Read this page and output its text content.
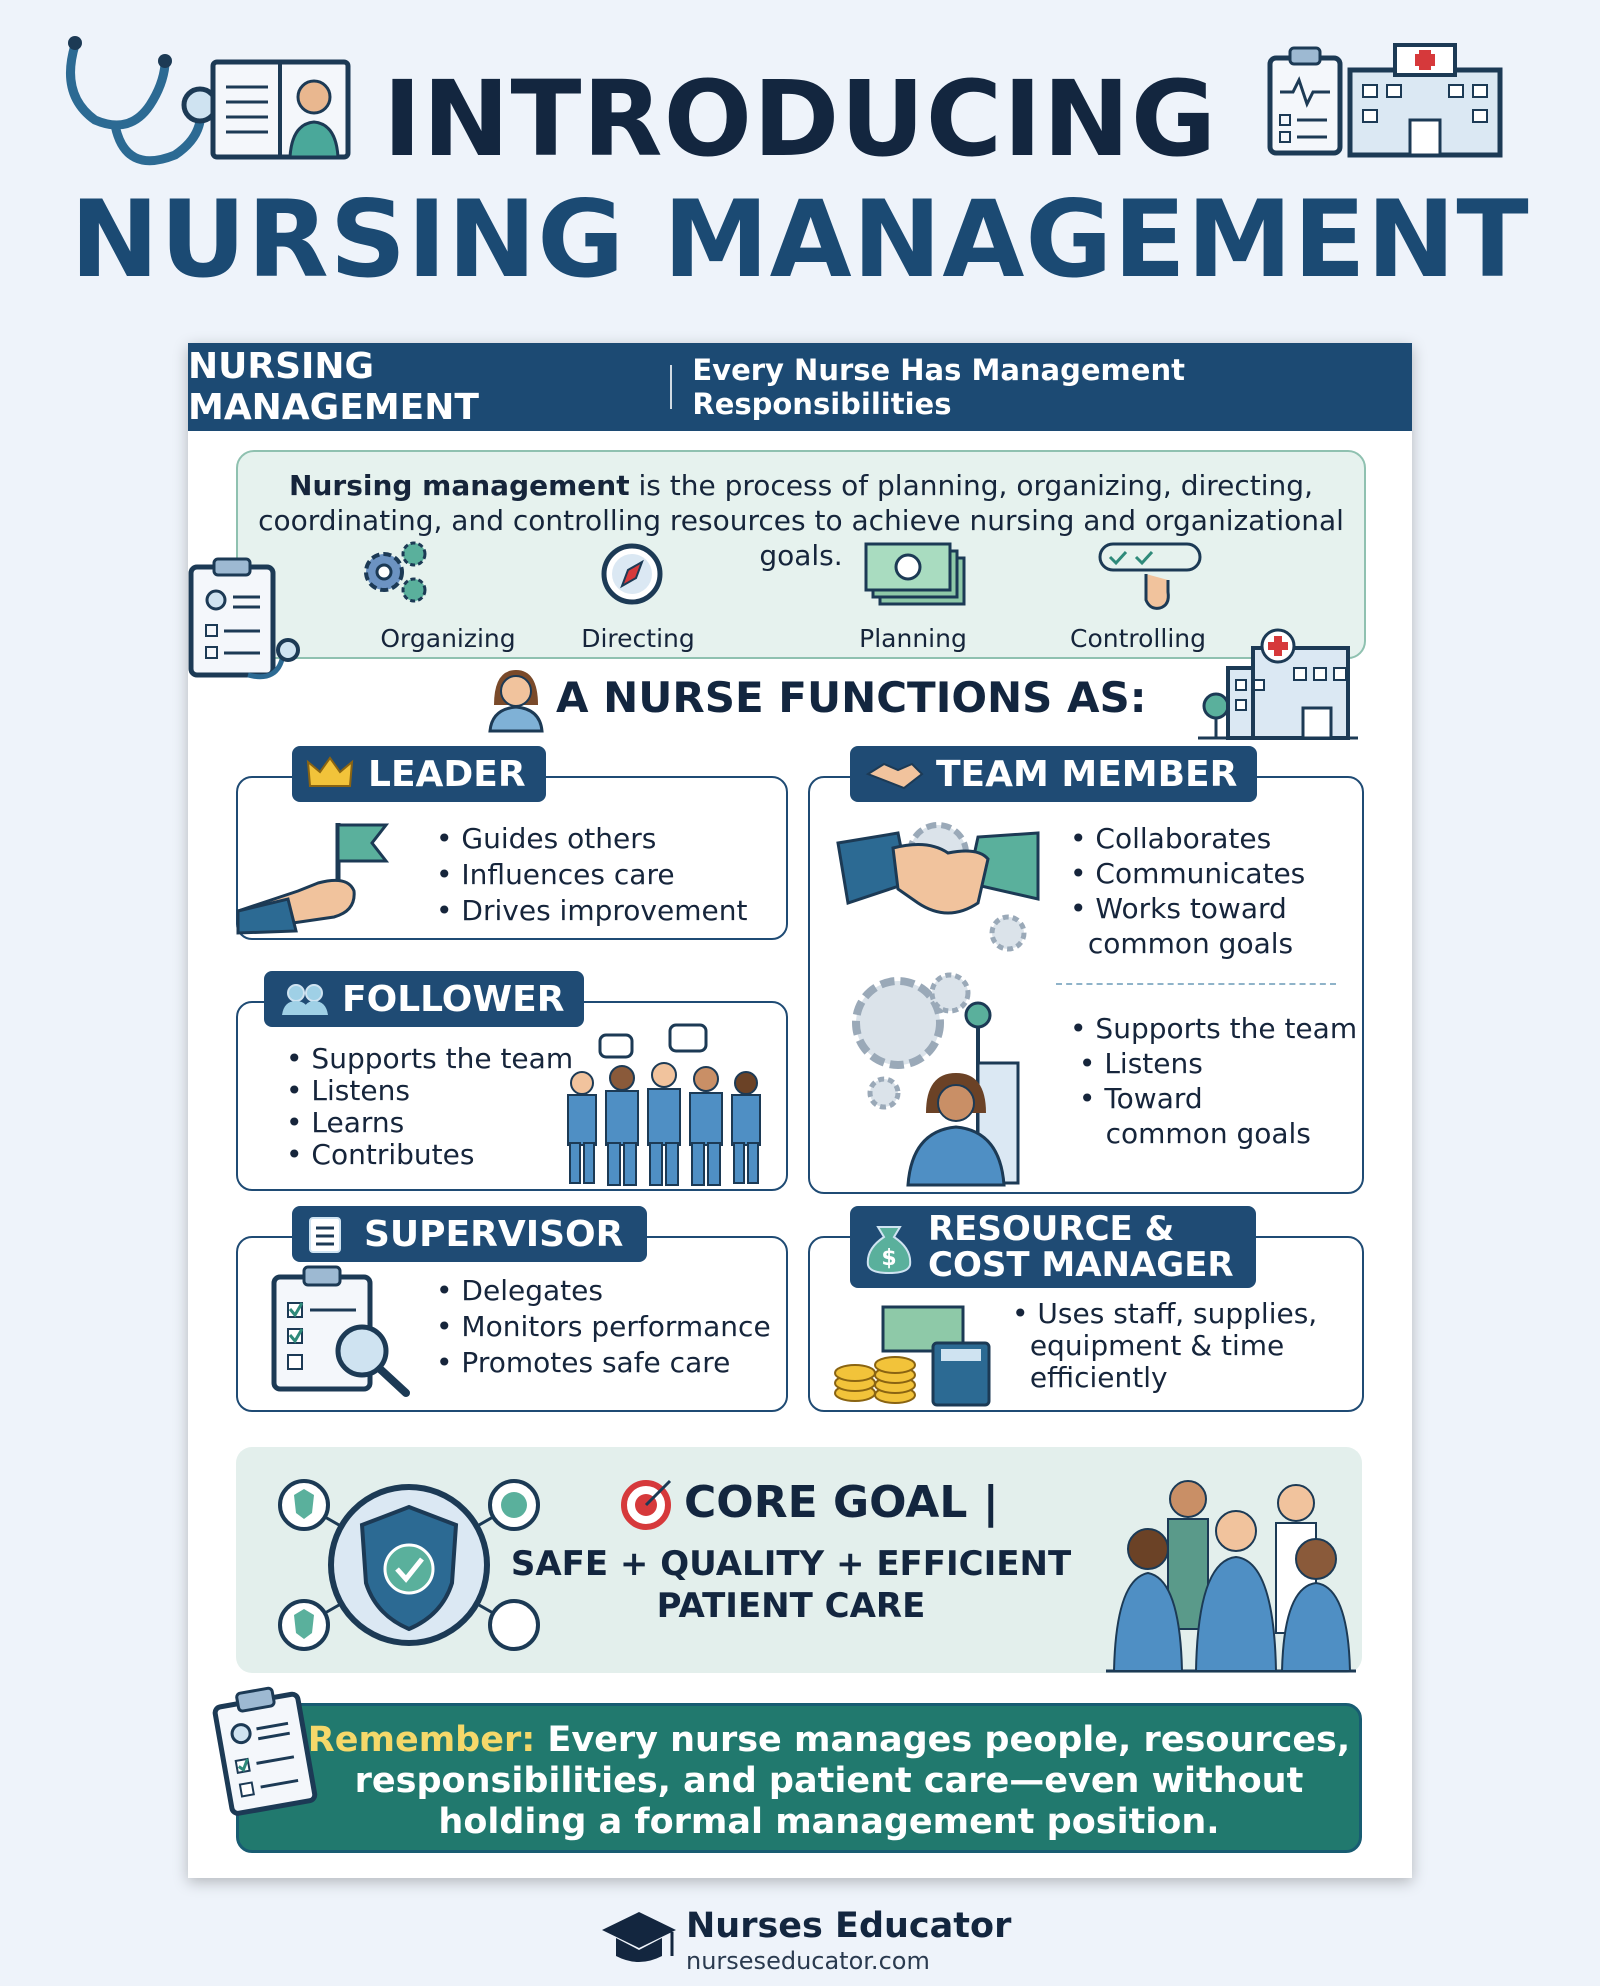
INTRODUCING
NURSING MANAGEMENT
NURSING MANAGEMENT
Every Nurse Has Management Responsibilities
Nursing management is the process of planning, organizing, directing,
coordinating, and controlling resources to achieve nursing and organizational goals.
Organizing	Directing	Planning	Controlling
A NURSE FUNCTIONS AS:
LEADER
• Guides others
• Influences care
• Drives improvement
TEAM MEMBER
• Collaborates
• Communicates
• Works toward
common goals
• Supports the team
• Listens
• Toward
common goals
FOLLOWER
• Supports the team
• Listens
• Learns
• Contributes
SUPERVISOR
• Delegates
• Monitors performance
• Promotes safe care
$
RESOURCE &
COST MANAGER
• Uses staff, supplies,
equipment & time
efficiently
CORE GOAL |
SAFE + QUALITY + EFFICIENT
PATIENT CARE
Remember: Every nurse manages people, resources,
responsibilities, and patient care—even without
holding a formal management position.
Nurses Educator
nurseseducator.com
